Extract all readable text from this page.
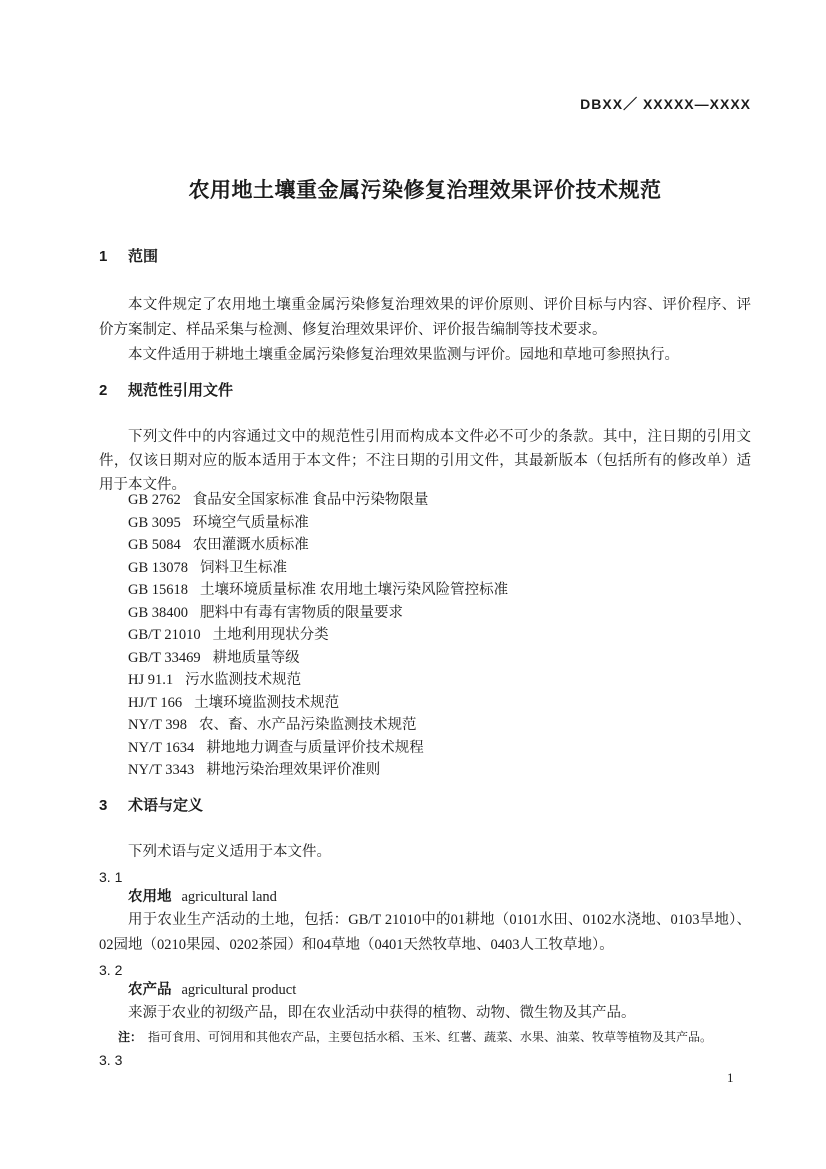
DBXX／ XXXXX—XXXX
农用地土壤重金属污染修复治理效果评价技术规范
1 范围

本文件规定了农用地土壤重金属污染修复治理效果的评价原则、评价目标与内容、评价程序、评价方案制定、样品采集与检测、修复治理效果评价、评价报告编制等技术要求。

本文件适用于耕地土壤重金属污染修复治理效果监测与评价。园地和草地可参照执行。

2 规范性引用文件

下列文件中的内容通过文中的规范性引用而构成本文件必不可少的条款。其中，注日期的引用文件，仅该日期对应的版本适用于本文件；不注日期的引用文件，其最新版本（包括所有的修改单）适用于本文件。

GB 2762 食品安全国家标准 食品中污染物限量
GB 3095 环境空气质量标准
GB 5084 农田灌溉水质标准
GB 13078 饲料卫生标准
GB 15618 土壤环境质量标准 农用地土壤污染风险管控标准
GB 38400 肥料中有毒有害物质的限量要求
GB/T 21010 土地利用现状分类
GB/T 33469 耕地质量等级
HJ 91.1 污水监测技术规范
HJ/T 166 土壤环境监测技术规范
NY/T 398 农、畜、水产品污染监测技术规范
NY/T 1634 耕地地力调查与质量评价技术规程
NY/T 3343 耕地污染治理效果评价准则
3 术语与定义

下列术语与定义适用于本文件。

3. 1
农用地 agricultural land

用于农业生产活动的土地，包括：GB/T 21010中的01耕地（0101水田、0102水浇地、0103旱地）、02园地（0210果园、0202茶园）和04草地（0401天然牧草地、0403人工牧草地）。

3. 2
农产品 agricultural product

来源于农业的初级产品，即在农业活动中获得的植物、动物、微生物及其产品。

注： 指可食用、可饲用和其他农产品，主要包括水稻、玉米、红薯、蔬菜、水果、油菜、牧草等植物及其产品。

3. 3
1
